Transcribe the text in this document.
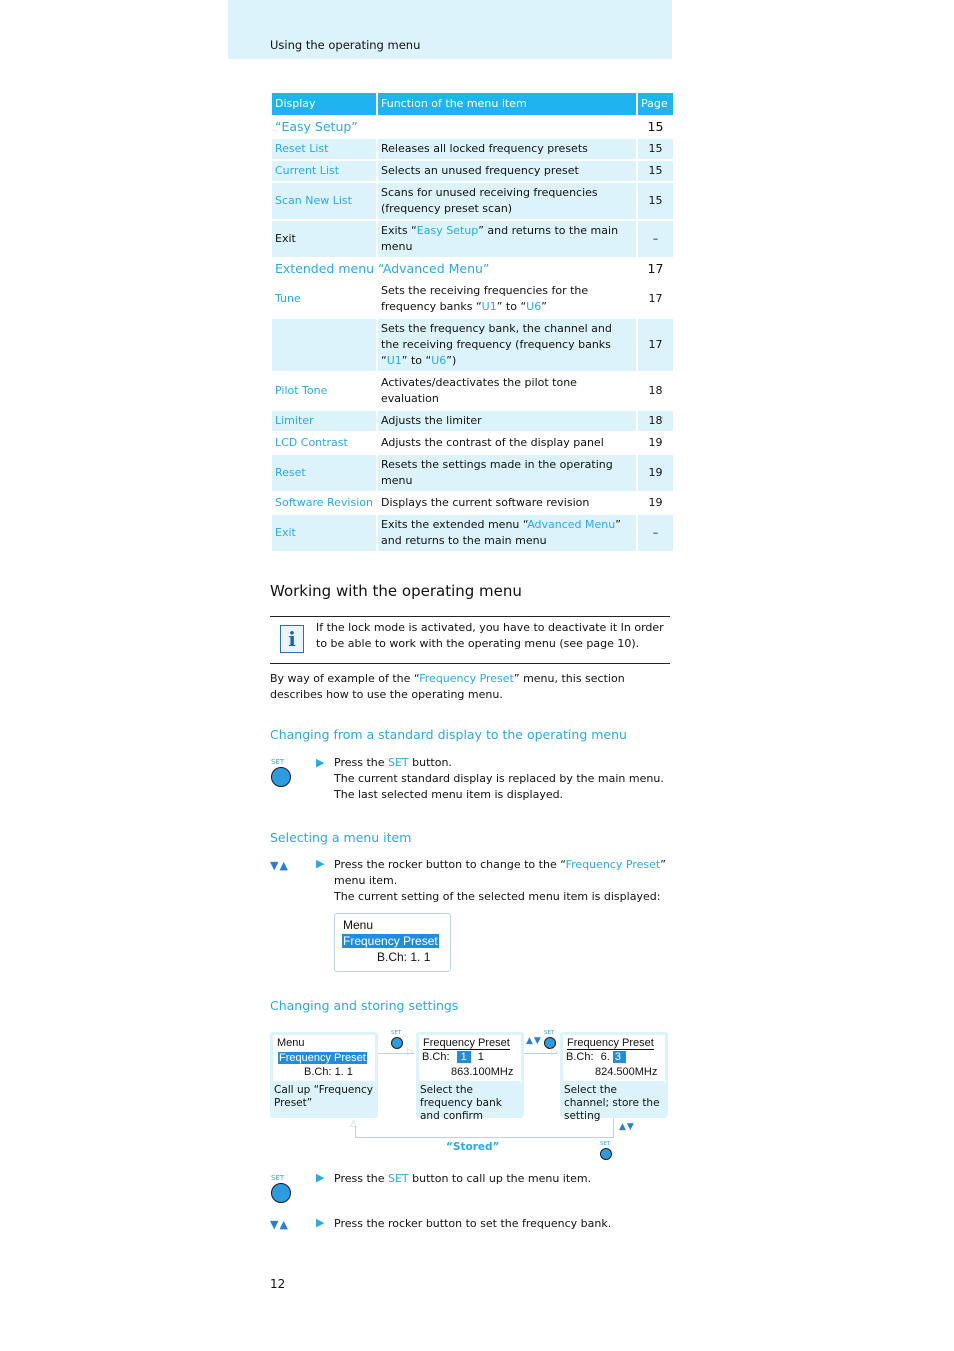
Using the operating menu
Display	Function of the menu item	Page
“Easy Setup”		15
Reset List	Releases all locked frequency presets	15
Current List	Selects an unused frequency preset	15
Scan New List	Scans for unused receiving frequencies (frequency preset scan)	15
Exit	Exits “Easy Setup” and returns to the main menu	–
Extended menu “Advanced Menu”		17
Tune	Sets the receiving frequencies for the frequency banks “U1” to “U6”	17
	Sets the frequency bank, the channel and the receiving frequency (frequency banks “U1” to “U6”)	17
Pilot Tone	Activates/deactivates the pilot tone evaluation	18
Limiter	Adjusts the limiter	18
LCD Contrast	Adjusts the contrast of the display panel	19
Reset	Resets the settings made in the operating menu	19
Software Revision	Displays the current software revision	19
Exit	Exits the extended menu “Advanced Menu” and returns to the main menu	–
Working with the operating menu
i	If the lock mode is activated, you have to deactivate it In order to be able to work with the operating menu (see page 10).
By way of example of the “Frequency Preset” menu, this section describes how to use the operating menu.
Changing from a standard display to the operating menu
SET	▶ Press the SET button.
The current standard display is replaced by the main menu.
The last selected menu item is displayed.
Selecting a menu item
▼▲ ▶ Press the rocker button to change to the “Frequency Preset” menu item.
The current setting of the selected menu item is displayed:
Menu
Frequency Preset
B.Ch: 1. 1
Changing and storing settings
Menu
Frequency Preset
B.Ch: 1. 1
Call up “Frequency Preset”
SET
▷
Frequency Preset
B.Ch: 1 1
863.100MHz
Select the frequency bank and confirm
▲▼
SET
▷
Frequency Preset
B.Ch: 6. 3
824.500MHz
Select the channel; store the setting
△	▲▼
SET
“Stored”
SET	▶ Press the SET button to call up the menu item.
▼▲ ▶ Press the rocker button to set the frequency bank.
12
